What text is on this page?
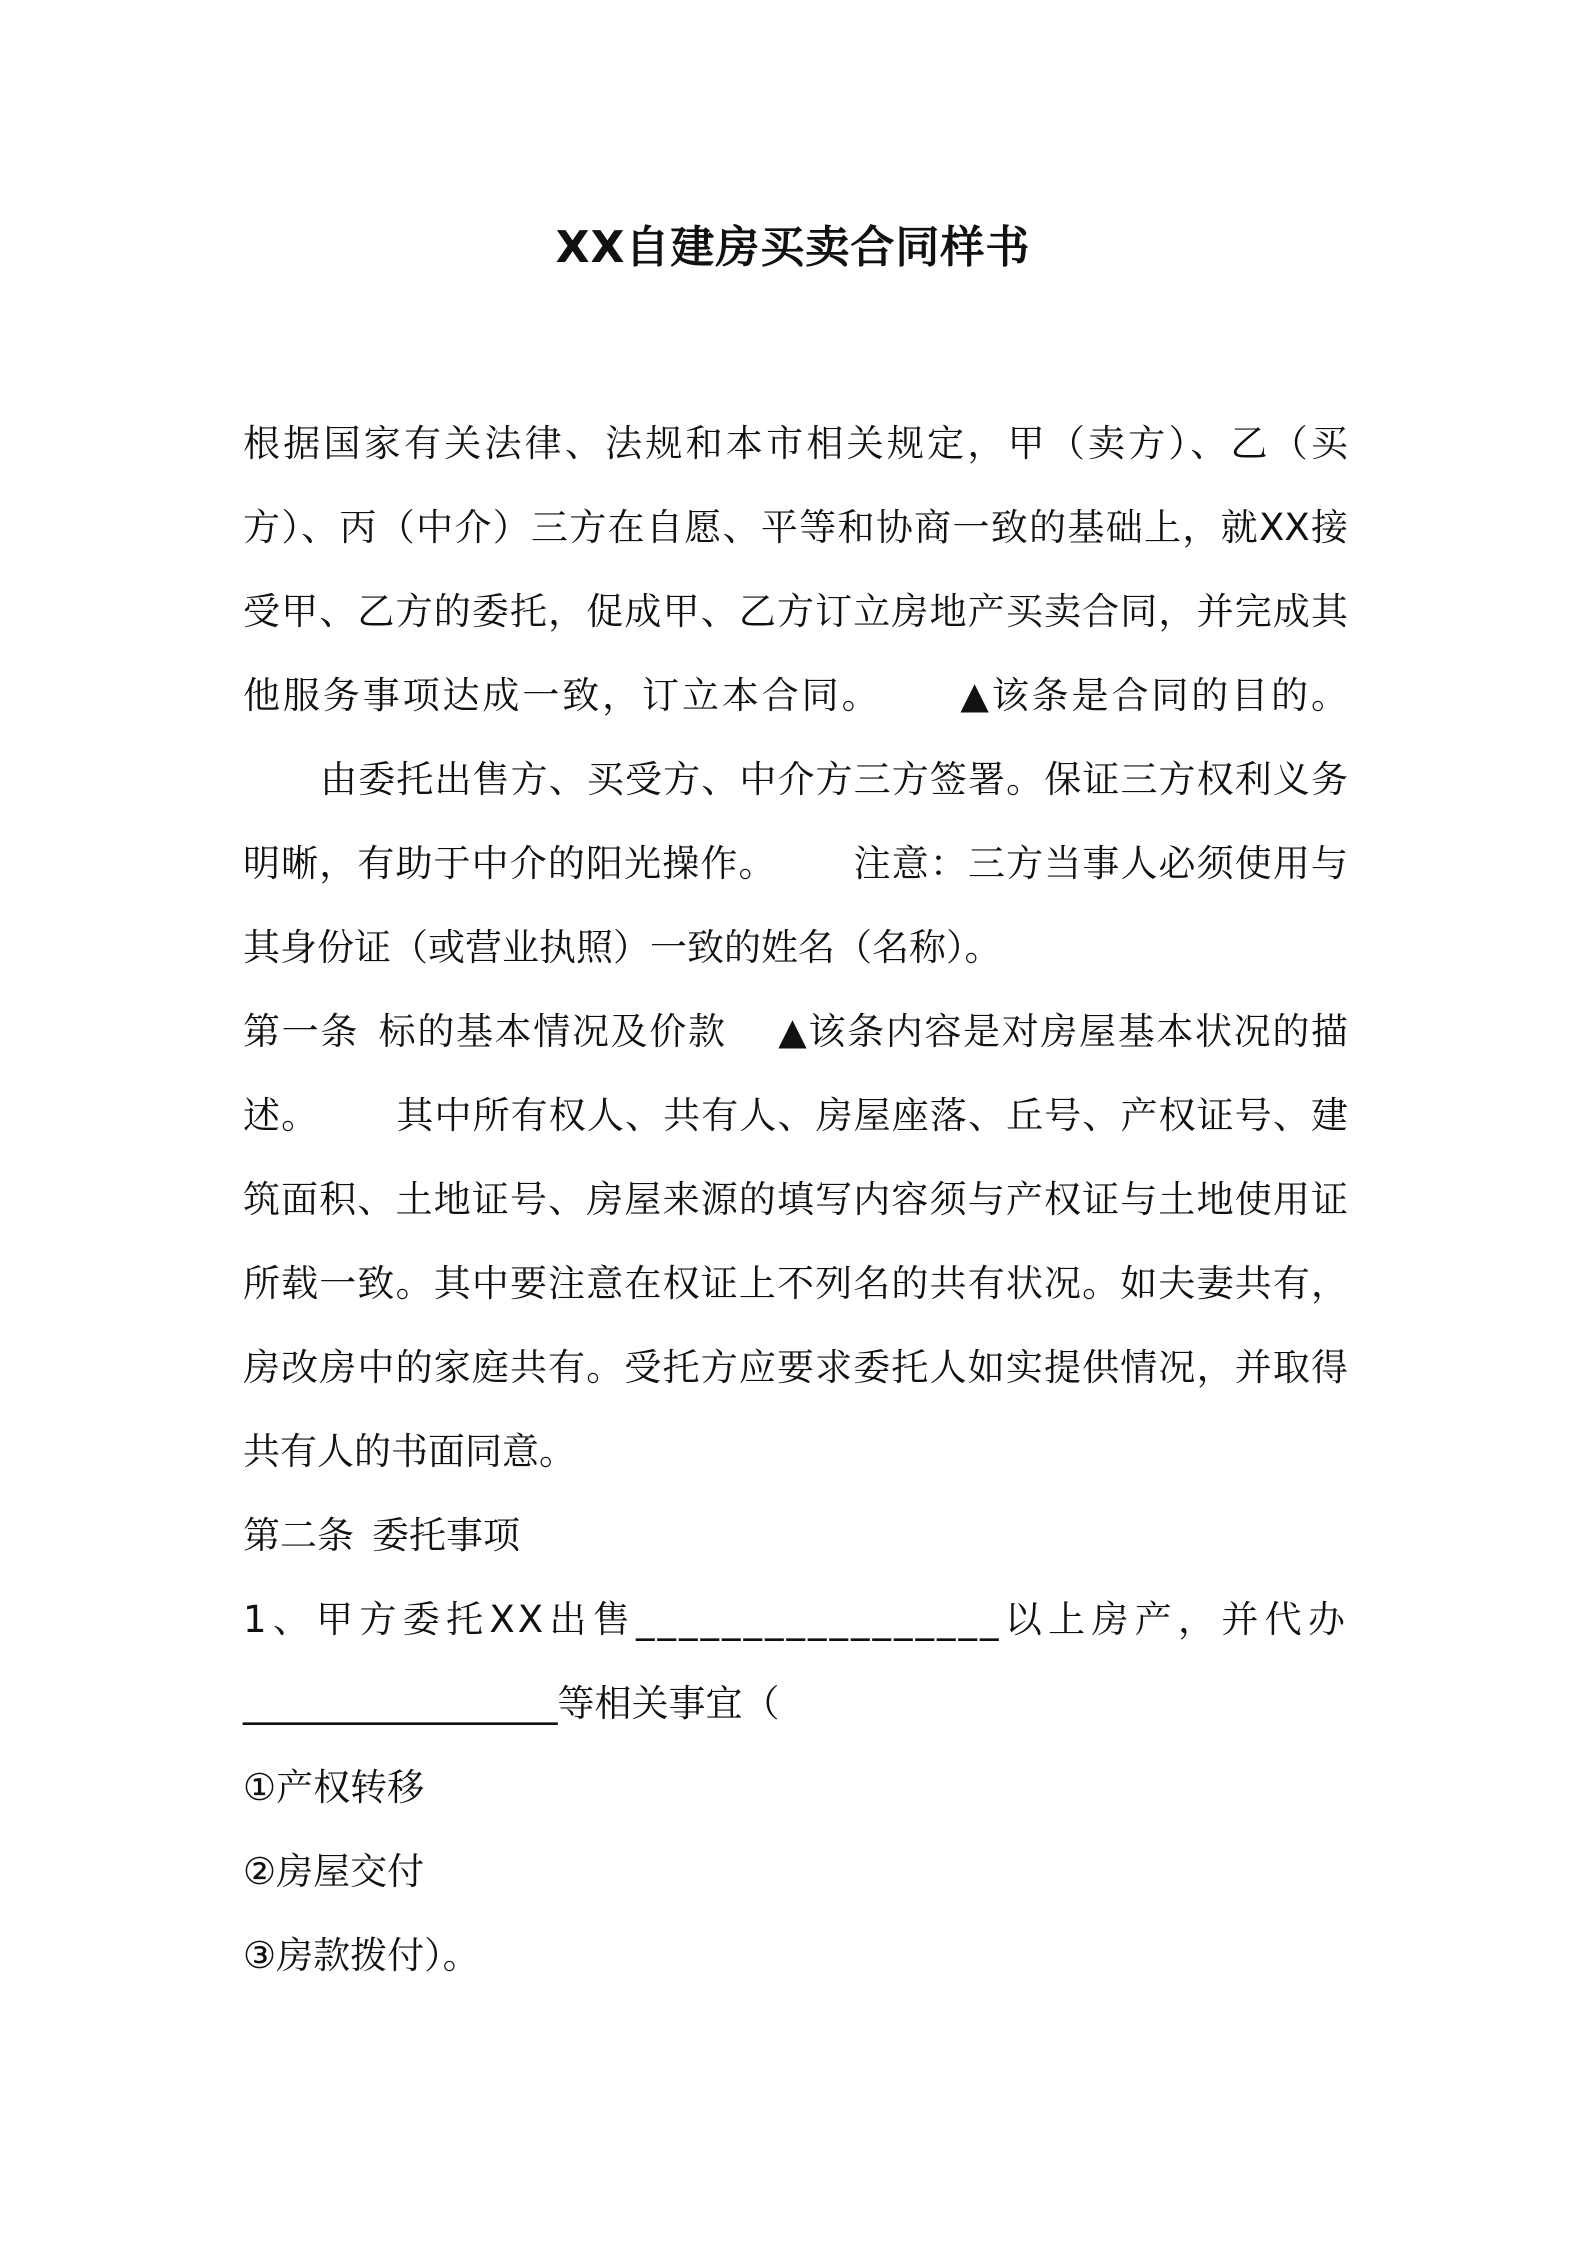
XX自建房买卖合同样书

根据国家有关法律、法规和本市相关规定，甲（卖方）、乙（买方）、丙（中介）三方在自愿、平等和协商一致的基础上，就XX接受甲、乙方的委托，促成甲、乙方订立房地产买卖合同，并完成其他服务事项达成一致，订立本合同。 ▲该条是合同的目的。由委托出售方、买受方、中介方三方签署。保证三方权利义务明晰，有助于中介的阳光操作。 注意：三方当事人必须使用与其身份证（或营业执照）一致的姓名（名称）。

第一条 标的基本情况及价款 ▲该条内容是对房屋基本状况的描述。 其中所有权人、共有人、房屋座落、丘号、产权证号、建筑面积、土地证号、房屋来源的填写内容须与产权证与土地使用证所载一致。其中要注意在权证上不列名的共有状况。如夫妻共有，房改房中的家庭共有。受托方应要求委托人如实提供情况，并取得共有人的书面同意。

第二条 委托事项

1、甲方委托XX出售_________________以上房产，并代办

_________________等相关事宜（

①产权转移

②房屋交付

③房款拨付）。
